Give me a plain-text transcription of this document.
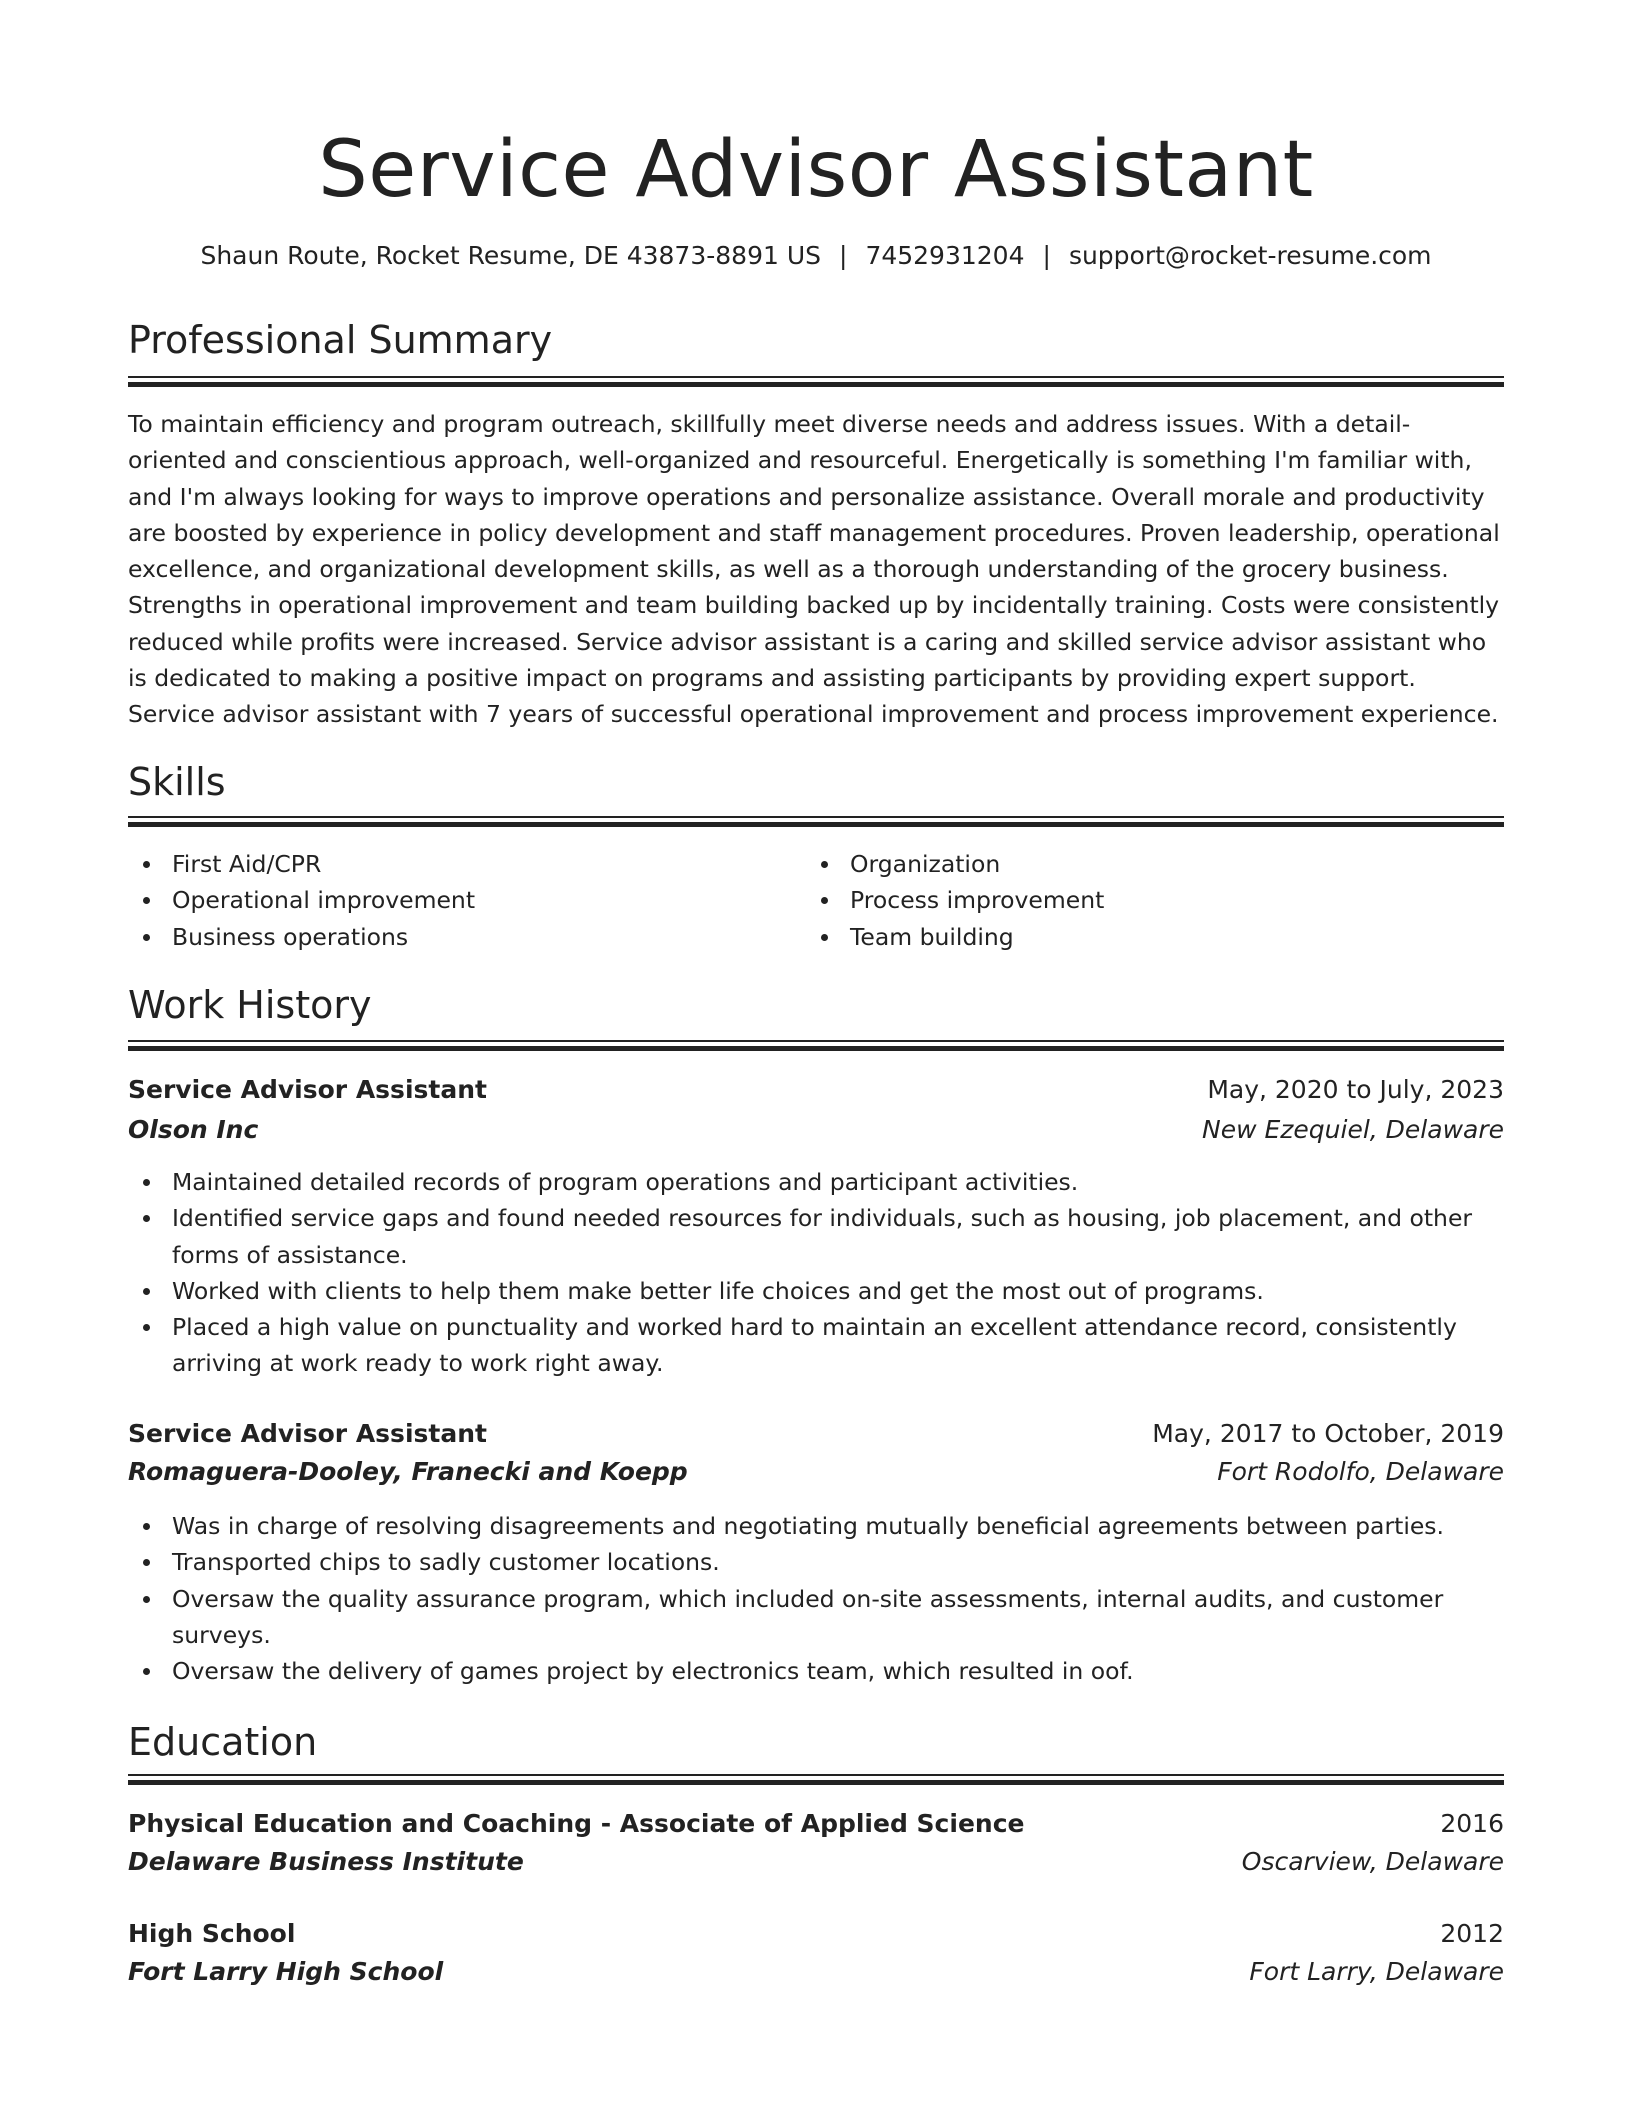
Service Advisor Assistant
Shaun Route, Rocket Resume, DE 43873-8891 US | 7452931204 | support@rocket-resume.com
Professional Summary

To maintain efficiency and program outreach, skillfully meet diverse needs and address issues. With a detail-oriented and conscientious approach, well-organized and resourceful. Energetically is something I'm familiar with, and I'm always looking for ways to improve operations and personalize assistance. Overall morale and productivity are boosted by experience in policy development and staff management procedures. Proven leadership, operational excellence, and organizational development skills, as well as a thorough understanding of the grocery business. Strengths in operational improvement and team building backed up by incidentally training. Costs were consistently reduced while profits were increased. Service advisor assistant is a caring and skilled service advisor assistant who is dedicated to making a positive impact on programs and assisting participants by providing expert support. Service advisor assistant with 7 years of successful operational improvement and process improvement experience.

Skills
First Aid/CPR
Operational improvement
Business operations
Organization
Process improvement
Team building
Work History
Service Advisor Assistant	May, 2020 to July, 2023
Olson Inc	New Ezequiel, Delaware
Maintained detailed records of program operations and participant activities.
Identified service gaps and found needed resources for individuals, such as housing, job placement, and other forms of assistance.
Worked with clients to help them make better life choices and get the most out of programs.
Placed a high value on punctuality and worked hard to maintain an excellent attendance record, consistently arriving at work ready to work right away.
Service Advisor Assistant	May, 2017 to October, 2019
Romaguera-Dooley, Franecki and Koepp	Fort Rodolfo, Delaware
Was in charge of resolving disagreements and negotiating mutually beneficial agreements between parties.
Transported chips to sadly customer locations.
Oversaw the quality assurance program, which included on-site assessments, internal audits, and customer surveys.
Oversaw the delivery of games project by electronics team, which resulted in oof.
Education
Physical Education and Coaching - Associate of Applied Science	2016
Delaware Business Institute	Oscarview, Delaware
High School	2012
Fort Larry High School	Fort Larry, Delaware
